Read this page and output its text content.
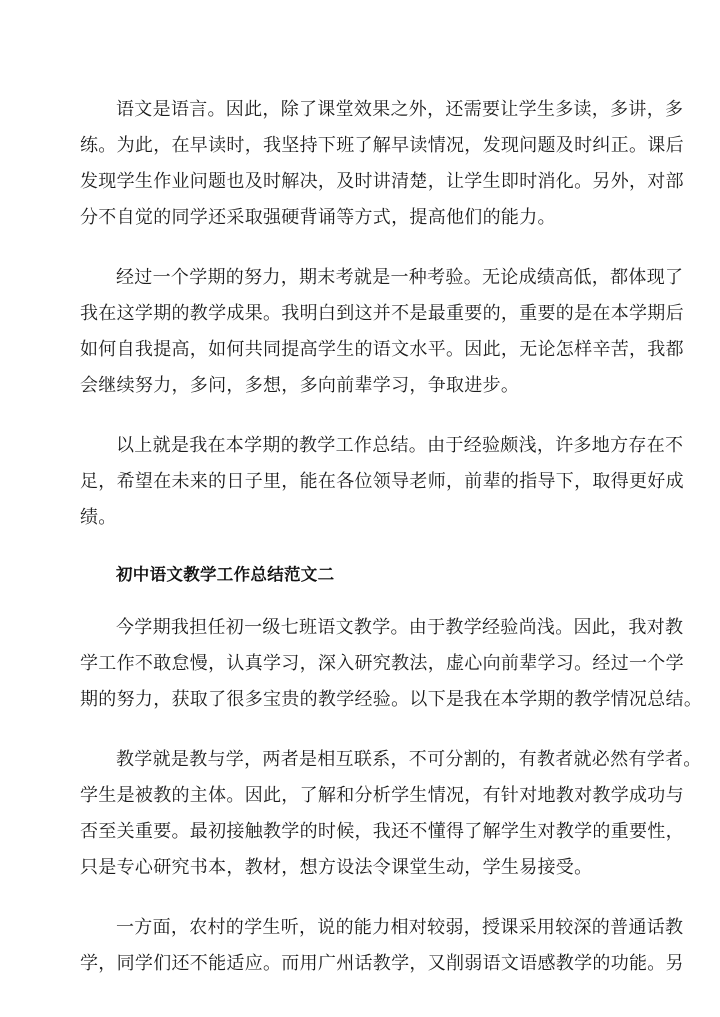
语文是语言。因此，除了课堂效果之外，还需要让学生多读，多讲，多
练。为此，在早读时，我坚持下班了解早读情况，发现问题及时纠正。课后
发现学生作业问题也及时解决，及时讲清楚，让学生即时消化。另外，对部
分不自觉的同学还采取强硬背诵等方式，提高他们的能力。

经过一个学期的努力，期末考就是一种考验。无论成绩高低，都体现了
我在这学期的教学成果。我明白到这并不是最重要的，重要的是在本学期后
如何自我提高，如何共同提高学生的语文水平。因此，无论怎样辛苦，我都
会继续努力，多问，多想，多向前辈学习，争取进步。

以上就是我在本学期的教学工作总结。由于经验颇浅，许多地方存在不
足，希望在未来的日子里，能在各位领导老师，前辈的指导下，取得更好成
绩。

初中语文教学工作总结范文二

今学期我担任初一级七班语文教学。由于教学经验尚浅。因此，我对教
学工作不敢怠慢，认真学习，深入研究教法，虚心向前辈学习。经过一个学
期的努力，获取了很多宝贵的教学经验。以下是我在本学期的教学情况总结。

教学就是教与学，两者是相互联系，不可分割的，有教者就必然有学者。
学生是被教的主体。因此，了解和分析学生情况，有针对地教对教学成功与
否至关重要。最初接触教学的时候，我还不懂得了解学生对教学的重要性，
只是专心研究书本，教材，想方设法令课堂生动，学生易接受。

一方面，农村的学生听，说的能力相对较弱，授课采用较深的普通话教
学，同学们还不能适应。而用广州话教学，又削弱语文语感教学的功能。另
